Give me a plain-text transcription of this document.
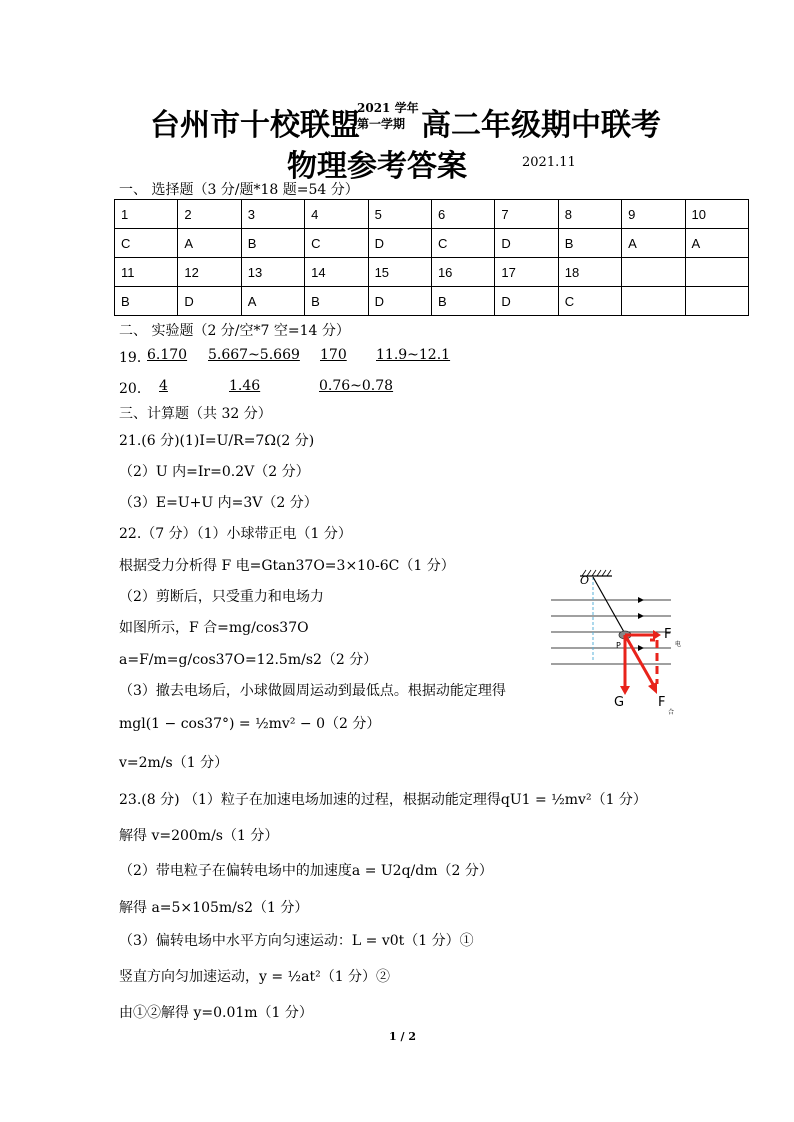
台州市十校联盟
2021 学年
第一学期 高二年级期中联考
物理参考答案	2021.11
一、 选择题（3 分/题*18 题=54 分）
1	2	3	4	5	6	7	8	9	10
C	A	B	C	D	C	D	B	A	A
11	12	13	14	15	16	17	18		
B	D	A	B	D	B	D	C		
二、 实验题（2 分/空*7 空=14 分）
19．
6.170 5.667~5.669 170 11.9~12.1
20． 4	1.46	0.76~0.78
三、计算题（共 32 分）
21.(6 分)(1)I=U/R=7Ω(2 分)
（2）U 内=Ir=0.2V（2 分）
（3）E=U+U 内=3V（2 分）
22.（7 分）（1）小球带正电（1 分）
根据受力分析得 F 电=Gtan37O=3×10-6C（1 分）
（2）剪断后，只受重力和电场力
如图所示，F 合=mg/cos37O
a=F/m=g/cos37O=12.5m/s2（2 分）
（3）撤去电场后，小球做圆周运动到最低点。根据动能定理得
mgl(1 − cos37°) = ½mv² − 0（2 分）
v=2m/s（1 分）
23.(8 分) （1）粒子在加速电场加速的过程，根据动能定理得qU1 = ½mv²（1 分）
解得 v=200m/s（1 分）
（2）带电粒子在偏转电场中的加速度a = U2q/dm（2 分）
解得 a=5×105m/s2（1 分）
（3）偏转电场中水平方向匀速运动：L = v0t（1 分）①
竖直方向匀加速运动，y = ½at²（1 分）②
由①②解得 y=0.01m（1 分）
O
P
F
电
G	F
合
1 / 2
